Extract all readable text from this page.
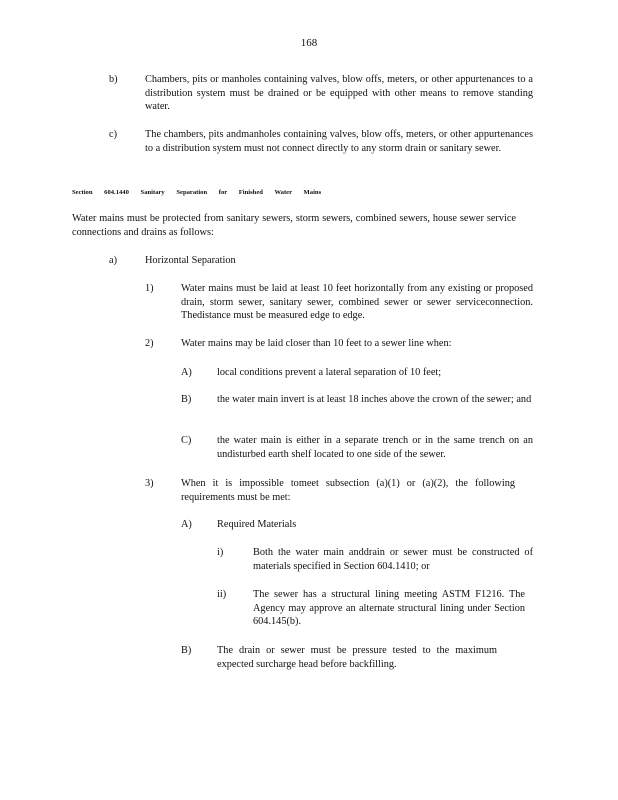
168
b)	Chambers, pits or manholes containing valves, blow offs, meters, or other appurtenances to a distribution system must be drained or be equipped with other means to remove standing water.
c)	The chambers, pits andmanholes containing valves, blow offs, meters, or other appurtenances to a distribution system must not connect directly to any storm drain or sanitary sewer.
Section 604.1440 Sanitary Separation for Finished Water Mains
Water mains must be protected from sanitary sewers, storm sewers, combined sewers, house sewer service connections and drains as follows:
a)	Horizontal Separation
1)	Water mains must be laid at least 10 feet horizontally from any existing or proposed drain, storm sewer, sanitary sewer, combined sewer or sewer serviceconnection. Thedistance must be measured edge to edge.
2)	Water mains may be laid closer than 10 feet to a sewer line when:
A) local conditions prevent a lateral separation of 10 feet;
B) the water main invert is at least 18 inches above the crown of the sewer; and
C) the water main is either in a separate trench or in the same trench on an undisturbed earth shelf located to one side of the sewer.
3)	When it is impossible tomeet subsection (a)(1) or (a)(2), the following requirements must be met:
A) Required Materials
i)	Both the water main anddrain or sewer must be constructed of materials specified in Section 604.1410; or
ii)	The sewer has a structural lining meeting ASTM F1216. The Agency may approve an alternate structural lining under Section 604.145(b).
B) The drain or sewer must be pressure tested to the maximum expected surcharge head before backfilling.
